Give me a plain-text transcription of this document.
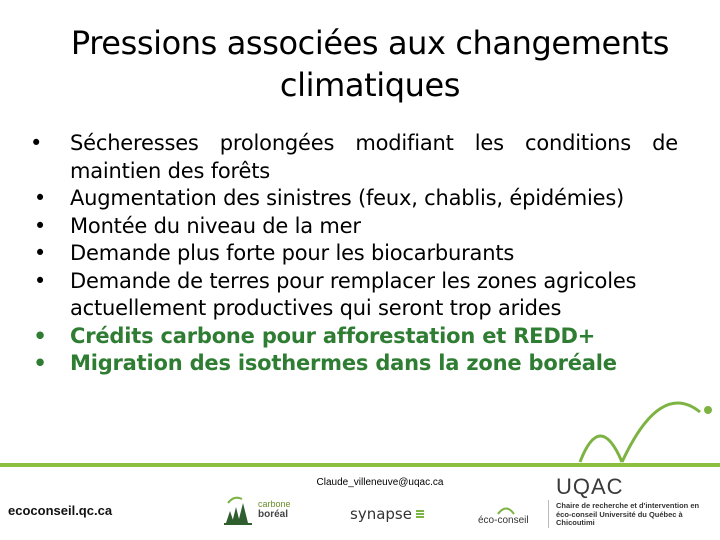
Pressions associées aux changements climatiques
•	Sécheresses prolongées modifiant les conditions de maintien des forêts
• Augmentation des sinistres (feux, chablis, épidémies)
• Montée du niveau de la mer
• Demande plus forte pour les biocarburants
• Demande de terres pour remplacer les zones agricoles actuellement productives qui seront trop arides
• Crédits carbone pour afforestation et REDD+
• Migration des isothermes dans la zone boréale
Claude_villeneuve@uqac.ca
ecoconseil.qc.ca	carbone
boréal	synapse	éco-conseil
UQAC
Chaire de recherche et d'intervention en éco-conseil Université du Québec à Chicoutimi
